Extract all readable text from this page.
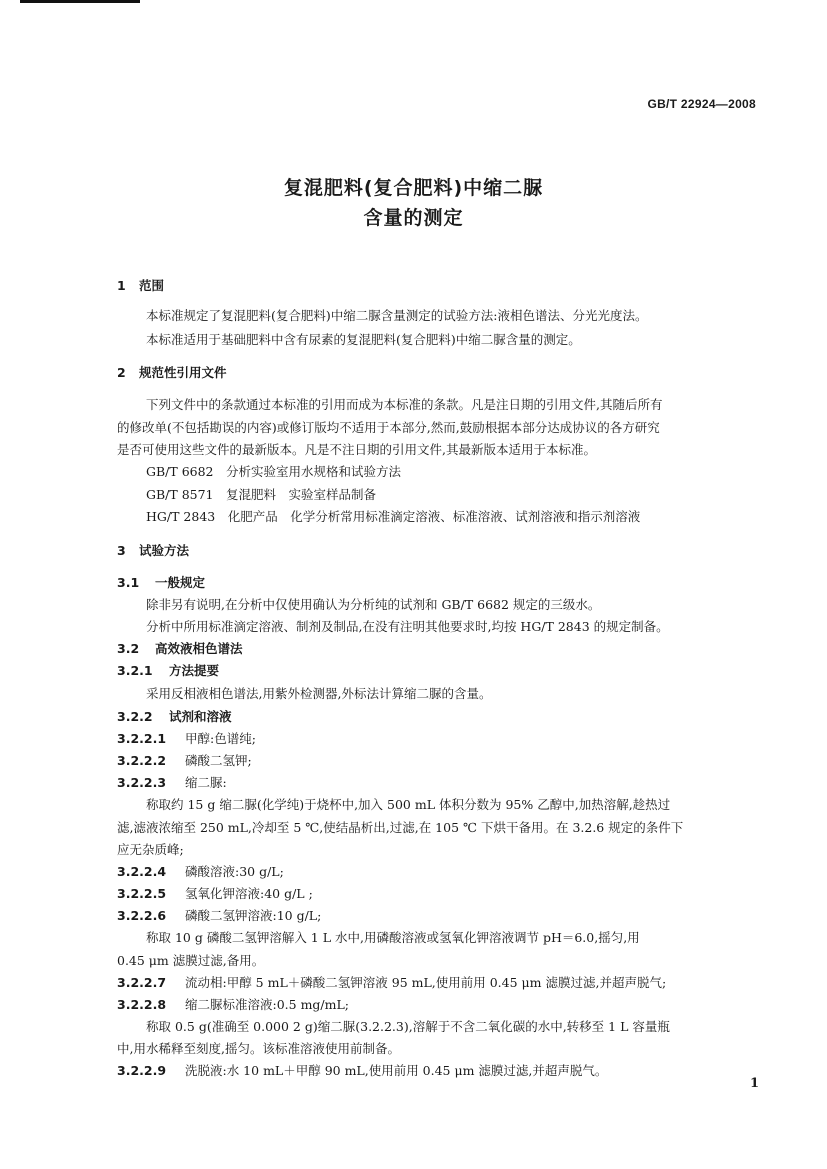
GB/T 22924—2008
复混肥料(复合肥料)中缩二脲
含量的测定
1 范围
本标准规定了复混肥料(复合肥料)中缩二脲含量测定的试验方法:液相色谱法、分光光度法。
本标准适用于基础肥料中含有尿素的复混肥料(复合肥料)中缩二脲含量的测定。
2 规范性引用文件
下列文件中的条款通过本标准的引用而成为本标准的条款。凡是注日期的引用文件,其随后所有
的修改单(不包括勘误的内容)或修订版均不适用于本部分,然而,鼓励根据本部分达成协议的各方研究
是否可使用这些文件的最新版本。凡是不注日期的引用文件,其最新版本适用于本标准。
GB/T 6682　分析实验室用水规格和试验方法
GB/T 8571　复混肥料　实验室样品制备
HG/T 2843　化肥产品　化学分析常用标准滴定溶液、标准溶液、试剂溶液和指示剂溶液
3 试验方法
3.1 一般规定
除非另有说明,在分析中仅使用确认为分析纯的试剂和 GB/T 6682 规定的三级水。
分析中所用标准滴定溶液、制剂及制品,在没有注明其他要求时,均按 HG/T 2843 的规定制备。
3.2 高效液相色谱法
3.2.1 方法提要
采用反相液相色谱法,用紫外检测器,外标法计算缩二脲的含量。
3.2.2 试剂和溶液
3.2.2.1 甲醇:色谱纯;
3.2.2.2 磷酸二氢钾;
3.2.2.3 缩二脲:
称取约 15 g 缩二脲(化学纯)于烧杯中,加入 500 mL 体积分数为 95% 乙醇中,加热溶解,趁热过
滤,滤液浓缩至 250 mL,冷却至 5 ℃,使结晶析出,过滤,在 105 ℃ 下烘干备用。在 3.2.6 规定的条件下
应无杂质峰;
3.2.2.4 磷酸溶液:30 g/L;
3.2.2.5 氢氧化钾溶液:40 g/L ;
3.2.2.6 磷酸二氢钾溶液:10 g/L;
称取 10 g 磷酸二氢钾溶解入 1 L 水中,用磷酸溶液或氢氧化钾溶液调节 pH＝6.0,摇匀,用
0.45 μm 滤膜过滤,备用。
3.2.2.7 流动相:甲醇 5 mL＋磷酸二氢钾溶液 95 mL,使用前用 0.45 μm 滤膜过滤,并超声脱气;
3.2.2.8 缩二脲标准溶液:0.5 mg/mL;
称取 0.5 g(准确至 0.000 2 g)缩二脲(3.2.2.3),溶解于不含二氧化碳的水中,转移至 1 L 容量瓶
中,用水稀释至刻度,摇匀。该标准溶液使用前制备。
3.2.2.9 洗脱液:水 10 mL＋甲醇 90 mL,使用前用 0.45 μm 滤膜过滤,并超声脱气。
1
